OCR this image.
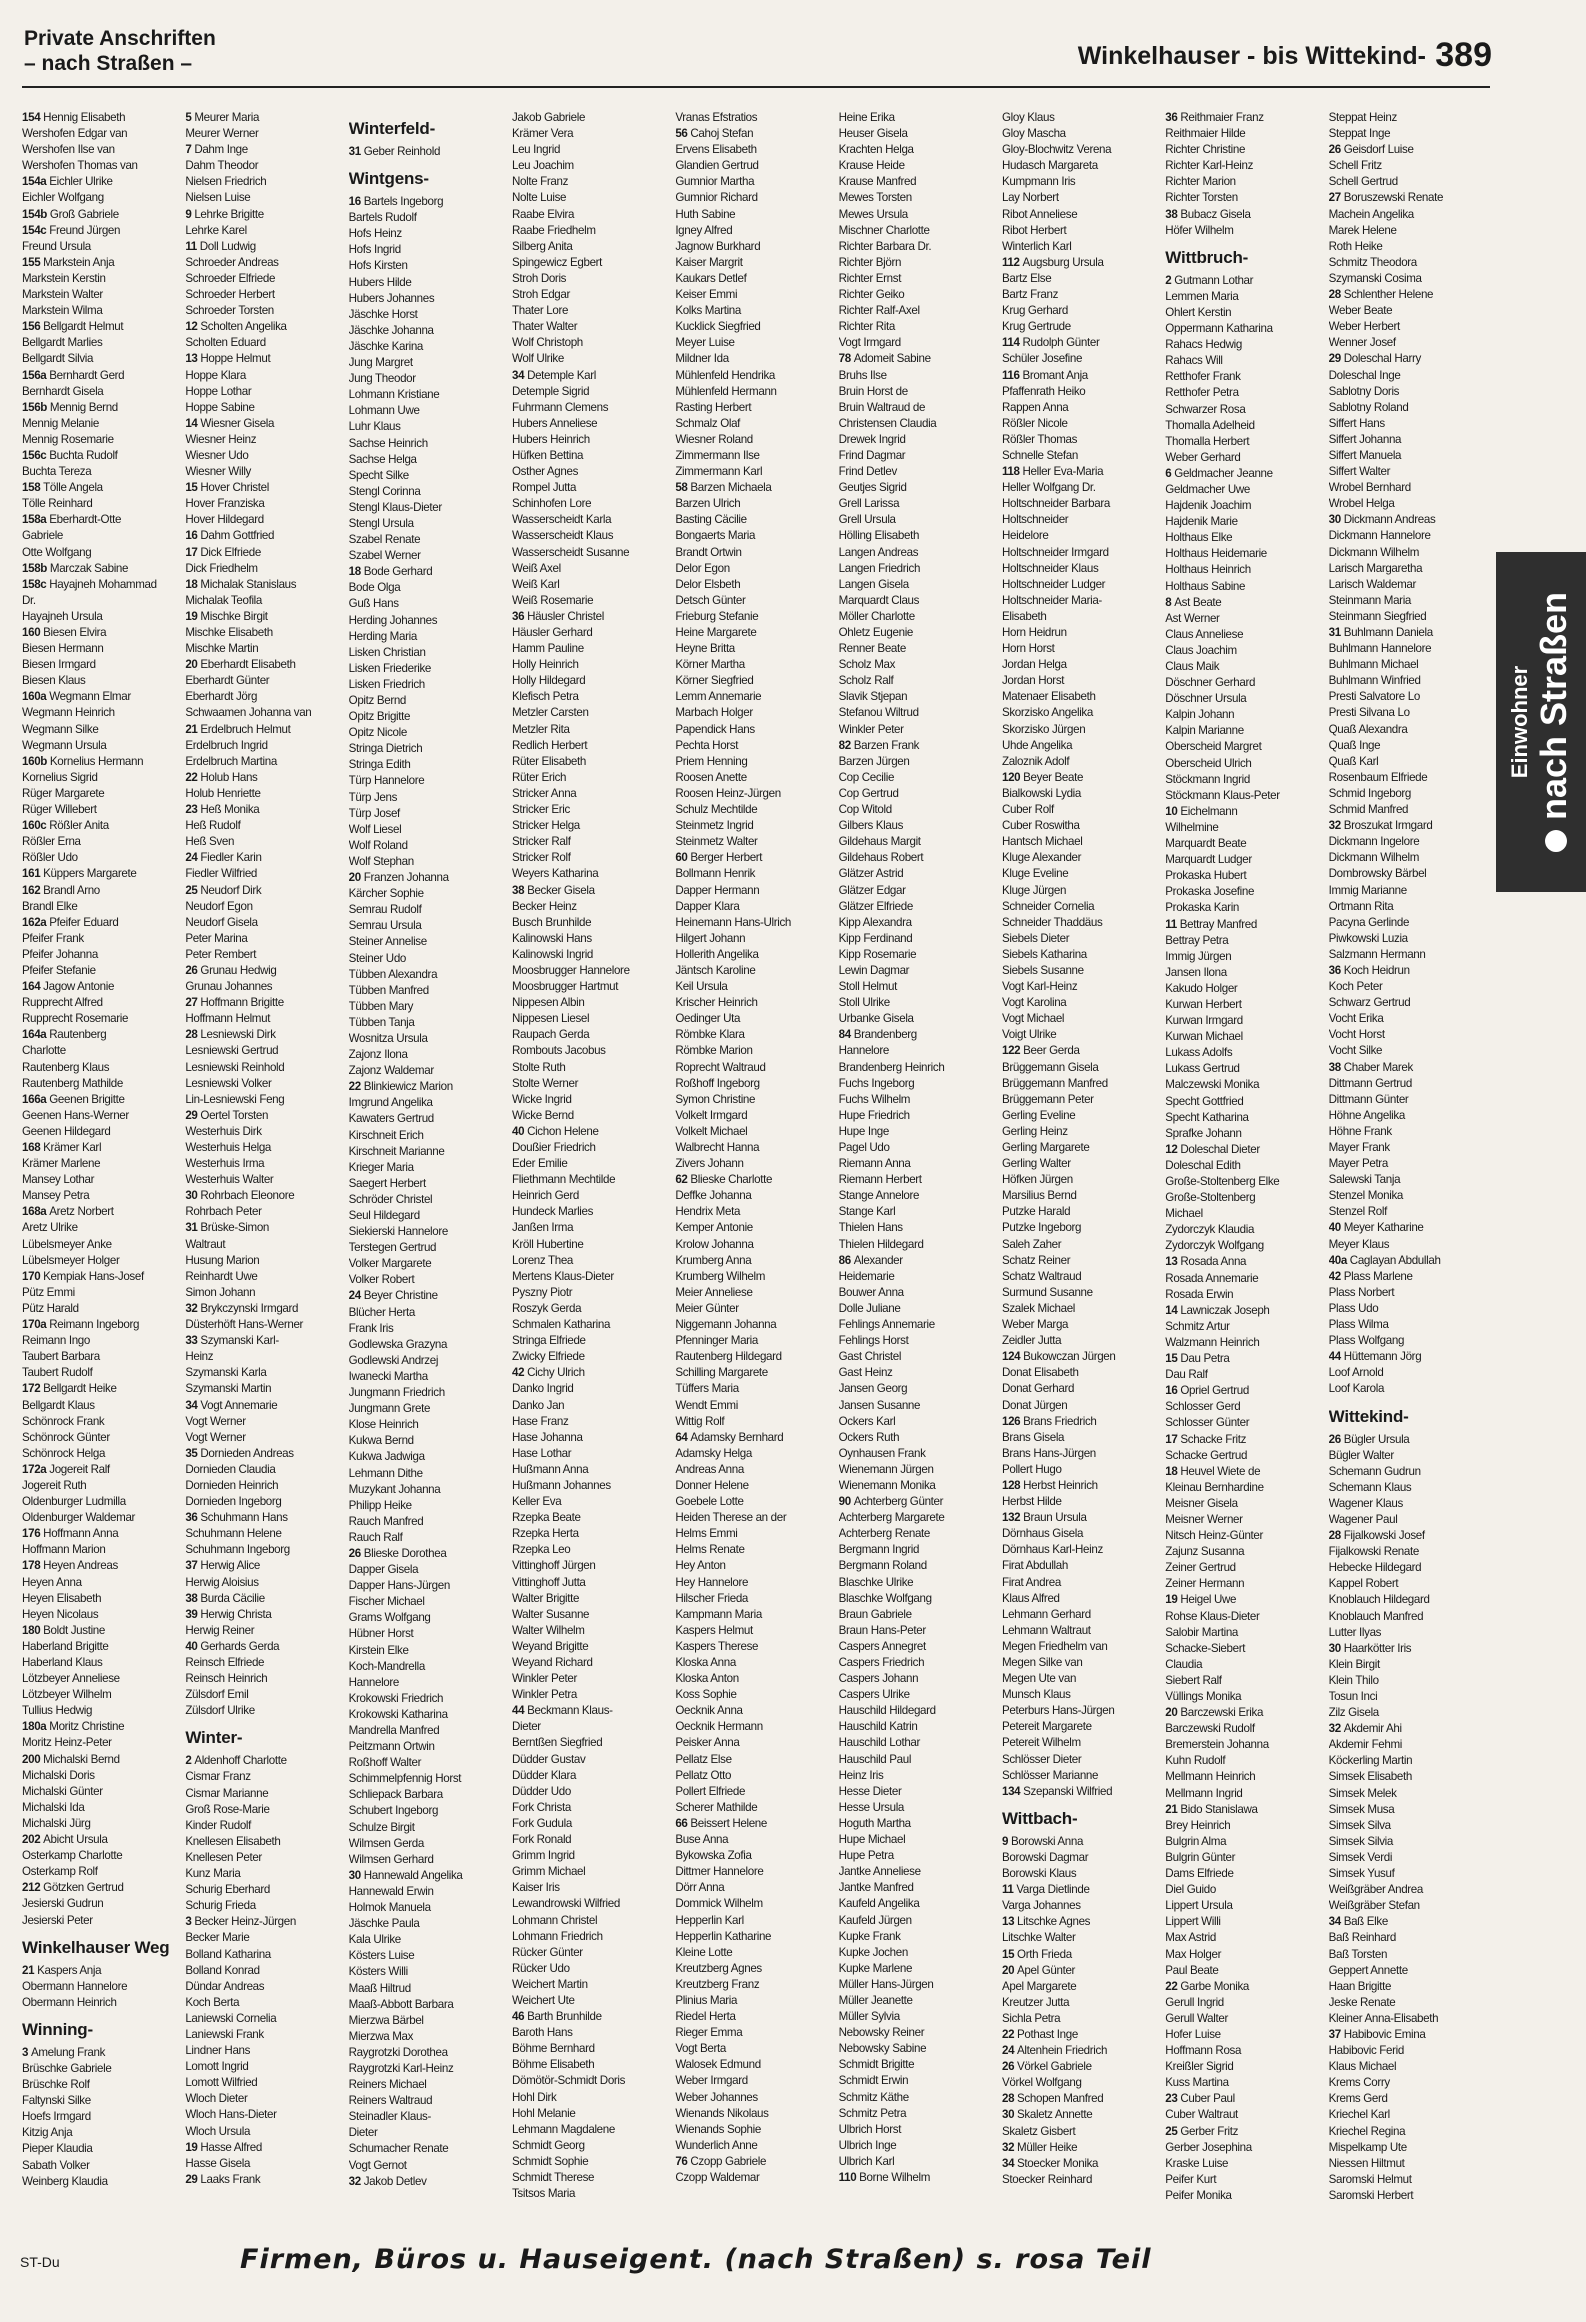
Private Anschriften
– nach Straßen –	Winkelhauser - bis Wittekind- 389
154 Hennig Elisabeth
Wershofen Edgar van
Wershofen Ilse van
Wershofen Thomas van
154a Eichler Ulrike
Eichler Wolfgang
154b Groß Gabriele
154c Freund Jürgen
Freund Ursula
155 Markstein Anja
Markstein Kerstin
Markstein Walter
Markstein Wilma
156 Bellgardt Helmut
Bellgardt Marlies
Bellgardt Silvia
156a Bernhardt Gerd
Bernhardt Gisela
156b Mennig Bernd
Mennig Melanie
Mennig Rosemarie
156c Buchta Rudolf
Buchta Tereza
158 Tölle Angela
Tölle Reinhard
158a Eberhardt-Otte
Gabriele
Otte Wolfgang
158b Marczak Sabine
158c Hayajneh Mohammad
Dr.
Hayajneh Ursula
160 Biesen Elvira
Biesen Hermann
Biesen Irmgard
Biesen Klaus
160a Wegmann Elmar
Wegmann Heinrich
Wegmann Silke
Wegmann Ursula
160b Kornelius Hermann
Kornelius Sigrid
Rüger Margarete
Rüger Willebert
160c Rößler Anita
Rößler Erna
Rößler Udo
161 Küppers Margarete
162 Brandl Arno
Brandl Elke
162a Pfeifer Eduard
Pfeifer Frank
Pfeifer Johanna
Pfeifer Stefanie
164 Jagow Antonie
Rupprecht Alfred
Rupprecht Rosemarie
164a Rautenberg
Charlotte
Rautenberg Klaus
Rautenberg Mathilde
166a Geenen Brigitte
Geenen Hans-Werner
Geenen Hildegard
168 Krämer Karl
Krämer Marlene
Mansey Lothar
Mansey Petra
168a Aretz Norbert
Aretz Ulrike
Lübelsmeyer Anke
Lübelsmeyer Holger
170 Kempiak Hans-Josef
Pütz Emmi
Pütz Harald
170a Reimann Ingeborg
Reimann Ingo
Taubert Barbara
Taubert Rudolf
172 Bellgardt Heike
Bellgardt Klaus
Schönrock Frank
Schönrock Günter
Schönrock Helga
172a Jogereit Ralf
Jogereit Ruth
Oldenburger Ludmilla
Oldenburger Waldemar
176 Hoffmann Anna
Hoffmann Marion
178 Heyen Andreas
Heyen Anna
Heyen Elisabeth
Heyen Nicolaus
180 Boldt Justine
Haberland Brigitte
Haberland Klaus
Lötzbeyer Anneliese
Lötzbeyer Wilhelm
Tullius Hedwig
180a Moritz Christine
Moritz Heinz-Peter
200 Michalski Bernd
Michalski Doris
Michalski Günter
Michalski Ida
Michalski Jürg
202 Abicht Ursula
Osterkamp Charlotte
Osterkamp Rolf
212 Götzken Gertrud
Jesierski Gudrun
Jesierski Peter
Winkelhauser Weg
21 Kaspers Anja
Obermann Hannelore
Obermann Heinrich
Winning-
3 Amelung Frank
Brüschke Gabriele
Brüschke Rolf
Faltynski Silke
Hoefs Irmgard
Kitzig Anja
Pieper Klaudia
Sabath Volker
Weinberg Klaudia
5 Meurer Maria
Meurer Werner
7 Dahm Inge
Dahm Theodor
Nielsen Friedrich
Nielsen Luise
9 Lehrke Brigitte
Lehrke Karel
11 Doll Ludwig
Schroeder Andreas
Schroeder Elfriede
Schroeder Herbert
Schroeder Torsten
12 Scholten Angelika
Scholten Eduard
13 Hoppe Helmut
Hoppe Klara
Hoppe Lothar
Hoppe Sabine
14 Wiesner Gisela
Wiesner Heinz
Wiesner Udo
Wiesner Willy
15 Hover Christel
Hover Franziska
Hover Hildegard
16 Dahm Gottfried
17 Dick Elfriede
Dick Friedhelm
18 Michalak Stanislaus
Michalak Teofila
19 Mischke Birgit
Mischke Elisabeth
Mischke Martin
20 Eberhardt Elisabeth
Eberhardt Günter
Eberhardt Jörg
Schwaamen Johanna van
21 Erdelbruch Helmut
Erdelbruch Ingrid
Erdelbruch Martina
22 Holub Hans
Holub Henriette
23 Heß Monika
Heß Rudolf
Heß Sven
24 Fiedler Karin
Fiedler Wilfried
25 Neudorf Dirk
Neudorf Egon
Neudorf Gisela
Peter Marina
Peter Rembert
26 Grunau Hedwig
Grunau Johannes
27 Hoffmann Brigitte
Hoffmann Helmut
28 Lesniewski Dirk
Lesniewski Gertrud
Lesniewski Reinhold
Lesniewski Volker
Lin-Lesniewski Feng
29 Oertel Torsten
Westerhuis Dirk
Westerhuis Helga
Westerhuis Irma
Westerhuis Walter
30 Rohrbach Eleonore
Rohrbach Peter
31 Brüske-Simon
Waltraut
Husung Marion
Reinhardt Uwe
Simon Johann
32 Brykczynski Irmgard
Düsterhöft Hans-Werner
33 Szymanski Karl-
Heinz
Szymanski Karla
Szymanski Martin
34 Vogt Annemarie
Vogt Werner
Vogt Werner
35 Dornieden Andreas
Dornieden Claudia
Dornieden Heinrich
Dornieden Ingeborg
36 Schuhmann Hans
Schuhmann Helene
Schuhmann Ingeborg
37 Herwig Alice
Herwig Aloisius
38 Burda Cäcilie
39 Herwig Christa
Herwig Reiner
40 Gerhards Gerda
Reinsch Elfriede
Reinsch Heinrich
Zülsdorf Emil
Zülsdorf Ulrike
Winter-
2 Aldenhoff Charlotte
Cismar Franz
Cismar Marianne
Groß Rose-Marie
Kinder Rudolf
Knellesen Elisabeth
Knellesen Peter
Kunz Maria
Schurig Eberhard
Schurig Frieda
3 Becker Heinz-Jürgen
Becker Marie
Bolland Katharina
Bolland Konrad
Dündar Andreas
Koch Berta
Laniewski Cornelia
Laniewski Frank
Lindner Hans
Lomott Ingrid
Lomott Wilfried
Wloch Dieter
Wloch Hans-Dieter
Wloch Ursula
19 Hasse Alfred
Hasse Gisela
29 Laaks Frank
Winterfeld-
31 Geber Reinhold
Wintgens-
16 Bartels Ingeborg
Bartels Rudolf
Hofs Heinz
Hofs Ingrid
Hofs Kirsten
Hubers Hilde
Hubers Johannes
Jäschke Horst
Jäschke Johanna
Jäschke Karina
Jung Margret
Jung Theodor
Lohmann Kristiane
Lohmann Uwe
Luhr Klaus
Sachse Heinrich
Sachse Helga
Specht Silke
Stengl Corinna
Stengl Klaus-Dieter
Stengl Ursula
Szabel Renate
Szabel Werner
18 Bode Gerhard
Bode Olga
Guß Hans
Herding Johannes
Herding Maria
Lisken Christian
Lisken Friederike
Lisken Friedrich
Opitz Bernd
Opitz Brigitte
Opitz Nicole
Stringa Dietrich
Stringa Edith
Türp Hannelore
Türp Jens
Türp Josef
Wolf Liesel
Wolf Roland
Wolf Stephan
20 Franzen Johanna
Kärcher Sophie
Semrau Rudolf
Semrau Ursula
Steiner Annelise
Steiner Udo
Tübben Alexandra
Tübben Manfred
Tübben Mary
Tübben Tanja
Wosnitza Ursula
Zajonz Ilona
Zajonz Waldemar
22 Blinkiewicz Marion
Imgrund Angelika
Kawaters Gertrud
Kirschneit Erich
Kirschneit Marianne
Krieger Maria
Saegert Herbert
Schröder Christel
Seul Hildegard
Siekierski Hannelore
Terstegen Gertrud
Volker Margarete
Volker Robert
24 Beyer Christine
Blücher Herta
Frank Iris
Godlewska Grazyna
Godlewski Andrzej
Iwanecki Martha
Jungmann Friedrich
Jungmann Grete
Klose Heinrich
Kukwa Bernd
Kukwa Jadwiga
Lehmann Dithe
Muzykant Johanna
Philipp Heike
Rauch Manfred
Rauch Ralf
26 Blieske Dorothea
Dapper Gisela
Dapper Hans-Jürgen
Fischer Michael
Grams Wolfgang
Hübner Horst
Kirstein Elke
Koch-Mandrella
Hannelore
Krokowski Friedrich
Krokowski Katharina
Mandrella Manfred
Peitzmann Ortwin
Roßhoff Walter
Schimmelpfennig Horst
Schliepack Barbara
Schubert Ingeborg
Schulze Birgit
Wilmsen Gerda
Wilmsen Gerhard
30 Hannewald Angelika
Hannewald Erwin
Holmok Manuela
Jäschke Paula
Kala Ulrike
Kösters Luise
Kösters Willi
Maaß Hiltrud
Maaß-Abbott Barbara
Mierzwa Bärbel
Mierzwa Max
Raygrotzki Dorothea
Raygrotzki Karl-Heinz
Reiners Michael
Reiners Waltraud
Steinadler Klaus-
Dieter
Schumacher Renate
Vogt Gernot
32 Jakob Detlev
Jakob Gabriele
Krämer Vera
Leu Ingrid
Leu Joachim
Nolte Franz
Nolte Luise
Raabe Elvira
Raabe Friedhelm
Silberg Anita
Spingewicz Egbert
Stroh Doris
Stroh Edgar
Thater Lore
Thater Walter
Wolf Christoph
Wolf Ulrike
34 Detemple Karl
Detemple Sigrid
Fuhrmann Clemens
Hubers Anneliese
Hubers Heinrich
Hüfken Bettina
Osther Agnes
Rompel Jutta
Schinhofen Lore
Wasserscheidt Karla
Wasserscheidt Klaus
Wasserscheidt Susanne
Weiß Axel
Weiß Karl
Weiß Rosemarie
36 Häusler Christel
Häusler Gerhard
Hamm Pauline
Holly Heinrich
Holly Hildegard
Klefisch Petra
Metzler Carsten
Metzler Rita
Redlich Herbert
Rüter Elisabeth
Rüter Erich
Stricker Anna
Stricker Eric
Stricker Helga
Stricker Ralf
Stricker Rolf
Weyers Katharina
38 Becker Gisela
Becker Heinz
Busch Brunhilde
Kalinowski Hans
Kalinowski Ingrid
Moosbrugger Hannelore
Moosbrugger Hartmut
Nippesen Albin
Nippesen Liesel
Raupach Gerda
Rombouts Jacobus
Stolte Ruth
Stolte Werner
Wicke Ingrid
Wicke Bernd
40 Cichon Helene
Doußier Friedrich
Eder Emilie
Fliethmann Mechtilde
Heinrich Gerd
Hundeck Marlies
Janßen Irma
Kröll Hubertine
Lorenz Thea
Mertens Klaus-Dieter
Pyszny Piotr
Roszyk Gerda
Schmalen Katharina
Stringa Elfriede
Zwicky Elfriede
42 Cichy Ulrich
Danko Ingrid
Danko Jan
Hase Franz
Hase Johanna
Hase Lothar
Hußmann Anna
Hußmann Johannes
Keller Eva
Rzepka Beate
Rzepka Herta
Rzepka Leo
Vittinghoff Jürgen
Vittinghoff Jutta
Walter Brigitte
Walter Susanne
Walter Wilhelm
Weyand Brigitte
Weyand Richard
Winkler Peter
Winkler Petra
44 Beckmann Klaus-
Dieter
Berntßen Siegfried
Düdder Gustav
Düdder Klara
Düdder Udo
Fork Christa
Fork Gudula
Fork Ronald
Grimm Ingrid
Grimm Michael
Kaiser Iris
Lewandrowski Wilfried
Lohmann Christel
Lohmann Friedrich
Rücker Günter
Rücker Udo
Weichert Martin
Weichert Ute
46 Barth Brunhilde
Baroth Hans
Böhme Bernhard
Böhme Elisabeth
Dömötör-Schmidt Doris
Hohl Dirk
Hohl Melanie
Lehmann Magdalene
Schmidt Georg
Schmidt Sophie
Schmidt Therese
Tsitsos Maria
Vranas Efstratios
56 Cahoj Stefan
Ervens Elisabeth
Glandien Gertrud
Gumnior Martha
Gumnior Richard
Huth Sabine
Igney Alfred
Jagnow Burkhard
Kaiser Margrit
Kaukars Detlef
Keiser Emmi
Kolks Martina
Kucklick Siegfried
Meyer Luise
Mildner Ida
Mühlenfeld Hendrika
Mühlenfeld Hermann
Rasting Herbert
Schmalz Olaf
Wiesner Roland
Zimmermann Ilse
Zimmermann Karl
58 Barzen Michaela
Barzen Ulrich
Basting Cäcilie
Bongaerts Maria
Brandt Ortwin
Delor Egon
Delor Elsbeth
Detsch Günter
Frieburg Stefanie
Heine Margarete
Heyne Britta
Körner Martha
Körner Siegfried
Lemm Annemarie
Marbach Holger
Papendick Hans
Pechta Horst
Priem Henning
Roosen Anette
Roosen Heinz-Jürgen
Schulz Mechtilde
Steinmetz Ingrid
Steinmetz Walter
60 Berger Herbert
Bollmann Henrik
Dapper Hermann
Dapper Klara
Heinemann Hans-Ulrich
Hilgert Johann
Hollerith Angelika
Jäntsch Karoline
Keil Ursula
Krischer Heinrich
Oedinger Uta
Römbke Klara
Römbke Marion
Roprecht Waltraud
Roßhoff Ingeborg
Symon Christine
Volkelt Irmgard
Volkelt Michael
Walbrecht Hanna
Zivers Johann
62 Blieske Charlotte
Deffke Johanna
Hendrix Meta
Kemper Antonie
Krolow Johanna
Krumberg Anna
Krumberg Wilhelm
Meier Anneliese
Meier Günter
Niggemann Johanna
Pfenninger Maria
Rautenberg Hildegard
Schilling Margarete
Tüffers Maria
Wendt Emmi
Wittig Rolf
64 Adamsky Bernhard
Adamsky Helga
Andreas Anna
Donner Helene
Goebele Lotte
Heiden Therese an der
Helms Emmi
Helms Renate
Hey Anton
Hey Hannelore
Hilscher Frieda
Kampmann Maria
Kaspers Helmut
Kaspers Therese
Kloska Anna
Kloska Anton
Koss Sophie
Oecknik Anna
Oecknik Hermann
Peisker Anna
Pellatz Else
Pellatz Otto
Pollert Elfriede
Scherer Mathilde
66 Beissert Helene
Buse Anna
Bykowska Zofia
Dittmer Hannelore
Dörr Anna
Dommick Wilhelm
Hepperlin Karl
Hepperlin Katharine
Kleine Lotte
Kreutzberg Agnes
Kreutzberg Franz
Plinius Maria
Riedel Herta
Rieger Emma
Vogt Berta
Walosek Edmund
Weber Irmgard
Weber Johannes
Wienands Nikolaus
Wienands Sophie
Wunderlich Anne
76 Czopp Gabriele
Czopp Waldemar
Heine Erika
Heuser Gisela
Krachten Helga
Krause Heide
Krause Manfred
Mewes Torsten
Mewes Ursula
Mischner Charlotte
Richter Barbara Dr.
Richter Björn
Richter Ernst
Richter Geiko
Richter Ralf-Axel
Richter Rita
Vogt Irmgard
78 Adomeit Sabine
Bruhs Ilse
Bruin Horst de
Bruin Waltraud de
Christensen Claudia
Drewek Ingrid
Frind Dagmar
Frind Detlev
Geutjes Sigrid
Grell Larissa
Grell Ursula
Hölling Elisabeth
Langen Andreas
Langen Friedrich
Langen Gisela
Marquardt Claus
Möller Charlotte
Ohletz Eugenie
Renner Beate
Scholz Max
Scholz Ralf
Slavik Stjepan
Stefanou Wiltrud
Winkler Peter
82 Barzen Frank
Barzen Jürgen
Cop Cecilie
Cop Gertrud
Cop Witold
Gilbers Klaus
Gildehaus Margit
Gildehaus Robert
Glätzer Astrid
Glätzer Edgar
Glätzer Elfriede
Kipp Alexandra
Kipp Ferdinand
Kipp Rosemarie
Lewin Dagmar
Stoll Helmut
Stoll Ulrike
Urbanke Gisela
84 Brandenberg
Hannelore
Brandenberg Heinrich
Fuchs Ingeborg
Fuchs Wilhelm
Hupe Friedrich
Hupe Inge
Pagel Udo
Riemann Anna
Riemann Herbert
Stange Annelore
Stange Karl
Thielen Hans
Thielen Hildegard
86 Alexander
Heidemarie
Bouwer Anna
Dolle Juliane
Fehlings Annemarie
Fehlings Horst
Gast Christel
Gast Heinz
Jansen Georg
Jansen Susanne
Ockers Karl
Ockers Ruth
Oynhausen Frank
Wienemann Jürgen
Wienemann Monika
90 Achterberg Günter
Achterberg Margarete
Achterberg Renate
Bergmann Ingrid
Bergmann Roland
Blaschke Ulrike
Blaschke Wolfgang
Braun Gabriele
Braun Hans-Peter
Caspers Annegret
Caspers Friedrich
Caspers Johann
Caspers Ulrike
Hauschild Hildegard
Hauschild Katrin
Hauschild Lothar
Hauschild Paul
Heinz Iris
Hesse Dieter
Hesse Ursula
Hoguth Martha
Hupe Michael
Hupe Petra
Jantke Anneliese
Jantke Manfred
Kaufeld Angelika
Kaufeld Jürgen
Kupke Frank
Kupke Jochen
Kupke Marlene
Müller Hans-Jürgen
Müller Jeanette
Müller Sylvia
Nebowsky Reiner
Nebowsky Sabine
Schmidt Brigitte
Schmidt Erwin
Schmitz Käthe
Schmitz Petra
Ulbrich Horst
Ulbrich Inge
Ulbrich Karl
110 Borne Wilhelm
Gloy Klaus
Gloy Mascha
Gloy-Blochwitz Verena
Hudasch Margareta
Kumpmann Iris
Lay Norbert
Ribot Anneliese
Ribot Herbert
Winterlich Karl
112 Augsburg Ursula
Bartz Else
Bartz Franz
Krug Gerhard
Krug Gertrude
114 Rudolph Günter
Schüler Josefine
116 Bromant Anja
Pfaffenrath Heiko
Rappen Anna
Rößler Nicole
Rößler Thomas
Schnelle Stefan
118 Heller Eva-Maria
Heller Wolfgang Dr.
Holtschneider Barbara
Holtschneider
Heidelore
Holtschneider Irmgard
Holtschneider Klaus
Holtschneider Ludger
Holtschneider Maria-
Elisabeth
Horn Heidrun
Horn Horst
Jordan Helga
Jordan Horst
Matenaer Elisabeth
Skorzisko Angelika
Skorzisko Jürgen
Uhde Angelika
Zaloznik Adolf
120 Beyer Beate
Bialkowski Lydia
Cuber Rolf
Cuber Roswitha
Hantsch Michael
Kluge Alexander
Kluge Eveline
Kluge Jürgen
Schneider Cornelia
Schneider Thaddäus
Siebels Dieter
Siebels Katharina
Siebels Susanne
Vogt Karl-Heinz
Vogt Karolina
Vogt Michael
Voigt Ulrike
122 Beer Gerda
Brüggemann Gisela
Brüggemann Manfred
Brüggemann Peter
Gerling Eveline
Gerling Heinz
Gerling Margarete
Gerling Walter
Höfken Jürgen
Marsilius Bernd
Putzke Harald
Putzke Ingeborg
Saleh Zaher
Schatz Reiner
Schatz Waltraud
Surmund Susanne
Szalek Michael
Weber Marga
Zeidler Jutta
124 Bukowczan Jürgen
Donat Elisabeth
Donat Gerhard
Donat Jürgen
126 Brans Friedrich
Brans Gisela
Brans Hans-Jürgen
Pollert Hugo
128 Herbst Heinrich
Herbst Hilde
132 Braun Ursula
Dörnhaus Gisela
Dörnhaus Karl-Heinz
Firat Abdullah
Firat Andrea
Klaus Alfred
Lehmann Gerhard
Lehmann Waltraut
Megen Friedhelm van
Megen Silke van
Megen Ute van
Munsch Klaus
Peterburs Hans-Jürgen
Petereit Margarete
Petereit Wilhelm
Schlösser Dieter
Schlösser Marianne
134 Szepanski Wilfried
Wittbach-
9 Borowski Anna
Borowski Dagmar
Borowski Klaus
11 Varga Dietlinde
Varga Johannes
13 Litschke Agnes
Litschke Walter
15 Orth Frieda
20 Apel Günter
Apel Margarete
Kreutzer Jutta
Sichla Petra
22 Pothast Inge
24 Altenhein Friedrich
26 Vörkel Gabriele
Vörkel Wolfgang
28 Schopen Manfred
30 Skaletz Annette
Skaletz Gisbert
32 Müller Heike
34 Stoecker Monika
Stoecker Reinhard
36 Reithmaier Franz
Reithmaier Hilde
Richter Christine
Richter Karl-Heinz
Richter Marion
Richter Torsten
38 Bubacz Gisela
Höfer Wilhelm
Wittbruch-
2 Gutmann Lothar
Lemmen Maria
Ohlert Kerstin
Oppermann Katharina
Rahacs Hedwig
Rahacs Will
Retthofer Frank
Retthofer Petra
Schwarzer Rosa
Thomalla Adelheid
Thomalla Herbert
Weber Gerhard
6 Geldmacher Jeanne
Geldmacher Uwe
Hajdenik Joachim
Hajdenik Marie
Holthaus Elke
Holthaus Heidemarie
Holthaus Heinrich
Holthaus Sabine
8 Ast Beate
Ast Werner
Claus Anneliese
Claus Joachim
Claus Maik
Döschner Gerhard
Döschner Ursula
Kalpin Johann
Kalpin Marianne
Oberscheid Margret
Oberscheid Ulrich
Stöckmann Ingrid
Stöckmann Klaus-Peter
10 Eichelmann
Wilhelmine
Marquardt Beate
Marquardt Ludger
Prokaska Hubert
Prokaska Josefine
Prokaska Karin
11 Bettray Manfred
Bettray Petra
Immig Jürgen
Jansen Ilona
Kakudo Holger
Kurwan Herbert
Kurwan Irmgard
Kurwan Michael
Lukass Adolfs
Lukass Gertrud
Malczewski Monika
Specht Gottfried
Specht Katharina
Sprafke Johann
12 Doleschal Dieter
Doleschal Edith
Große-Stoltenberg Elke
Große-Stoltenberg
Michael
Zydorczyk Klaudia
Zydorczyk Wolfgang
13 Rosada Anna
Rosada Annemarie
Rosada Erwin
14 Lawniczak Joseph
Schmitz Artur
Walzmann Heinrich
15 Dau Petra
Dau Ralf
16 Opriel Gertrud
Schlosser Gerd
Schlosser Günter
17 Schacke Fritz
Schacke Gertrud
18 Heuvel Wiete de
Kleinau Bernhardine
Meisner Gisela
Meisner Werner
Nitsch Heinz-Günter
Zajunz Susanna
Zeiner Gertrud
Zeiner Hermann
19 Heigel Uwe
Rohse Klaus-Dieter
Salobir Martina
Schacke-Siebert
Claudia
Siebert Ralf
Vüllings Monika
20 Barczewski Erika
Barczewski Rudolf
Bremerstein Johanna
Kuhn Rudolf
Mellmann Heinrich
Mellmann Ingrid
21 Bido Stanislawa
Brey Heinrich
Bulgrin Alma
Bulgrin Günter
Dams Elfriede
Diel Guido
Lippert Ursula
Lippert Willi
Max Astrid
Max Holger
Paul Beate
22 Garbe Monika
Gerull Ingrid
Gerull Walter
Hofer Luise
Hoffmann Rosa
Kreißler Sigrid
Kuss Martina
23 Cuber Paul
Cuber Waltraut
25 Gerber Fritz
Gerber Josephina
Kraske Luise
Peifer Kurt
Peifer Monika
Steppat Heinz
Steppat Inge
26 Geisdorf Luise
Schell Fritz
Schell Gertrud
27 Boruszewski Renate
Machein Angelika
Marek Helene
Roth Heike
Schmitz Theodora
Szymanski Cosima
28 Schlenther Helene
Weber Beate
Weber Herbert
Wenner Josef
29 Doleschal Harry
Doleschal Inge
Sablotny Doris
Sablotny Roland
Siffert Hans
Siffert Johanna
Siffert Manuela
Siffert Walter
Wrobel Bernhard
Wrobel Helga
30 Dickmann Andreas
Dickmann Hannelore
Dickmann Wilhelm
Larisch Margaretha
Larisch Waldemar
Steinmann Maria
Steinmann Siegfried
31 Buhlmann Daniela
Buhlmann Hannelore
Buhlmann Michael
Buhlmann Winfried
Presti Salvatore Lo
Presti Silvana Lo
Quaß Alexandra
Quaß Inge
Quaß Karl
Rosenbaum Elfriede
Schmid Ingeborg
Schmid Manfred
32 Broszukat Irmgard
Dickmann Ingelore
Dickmann Wilhelm
Dombrowsky Bärbel
Immig Marianne
Ortmann Rita
Pacyna Gerlinde
Piwkowski Luzia
Salzmann Hermann
36 Koch Heidrun
Koch Peter
Schwarz Gertrud
Vocht Erika
Vocht Horst
Vocht Silke
38 Chaber Marek
Dittmann Gertrud
Dittmann Günter
Höhne Angelika
Höhne Frank
Mayer Frank
Mayer Petra
Salewski Tanja
Stenzel Monika
Stenzel Rolf
40 Meyer Katharine
Meyer Klaus
40a Caglayan Abdullah
42 Plass Marlene
Plass Norbert
Plass Udo
Plass Wilma
Plass Wolfgang
44 Hüttemann Jörg
Loof Arnold
Loof Karola
Wittekind-
26 Bügler Ursula
Bügler Walter
Schemann Gudrun
Schemann Klaus
Wagener Klaus
Wagener Paul
28 Fijalkowski Josef
Fijalkowski Renate
Hebecke Hildegard
Kappel Robert
Knoblauch Hildegard
Knoblauch Manfred
Lutter Ilyas
30 Haarkötter Iris
Klein Birgit
Klein Thilo
Tosun Inci
Zilz Gisela
32 Akdemir Ahi
Akdemir Fehmi
Köckerling Martin
Simsek Elisabeth
Simsek Melek
Simsek Musa
Simsek Silva
Simsek Silvia
Simsek Verdi
Simsek Yusuf
Weißgräber Andrea
Weißgräber Stefan
34 Baß Elke
Baß Reinhard
Baß Torsten
Geppert Annette
Haan Brigitte
Jeske Renate
Kleiner Anna-Elisabeth
37 Habibovic Emina
Habibovic Ferid
Klaus Michael
Krems Corry
Krems Gerd
Kriechel Karl
Kriechel Regina
Mispelkamp Ute
Niessen Hiltmut
Saromski Helmut
Saromski Herbert
Einwohner nach Straßen
ST-Du	Firmen, Büros u. Hauseigent. (nach Straßen) s. rosa Teil
